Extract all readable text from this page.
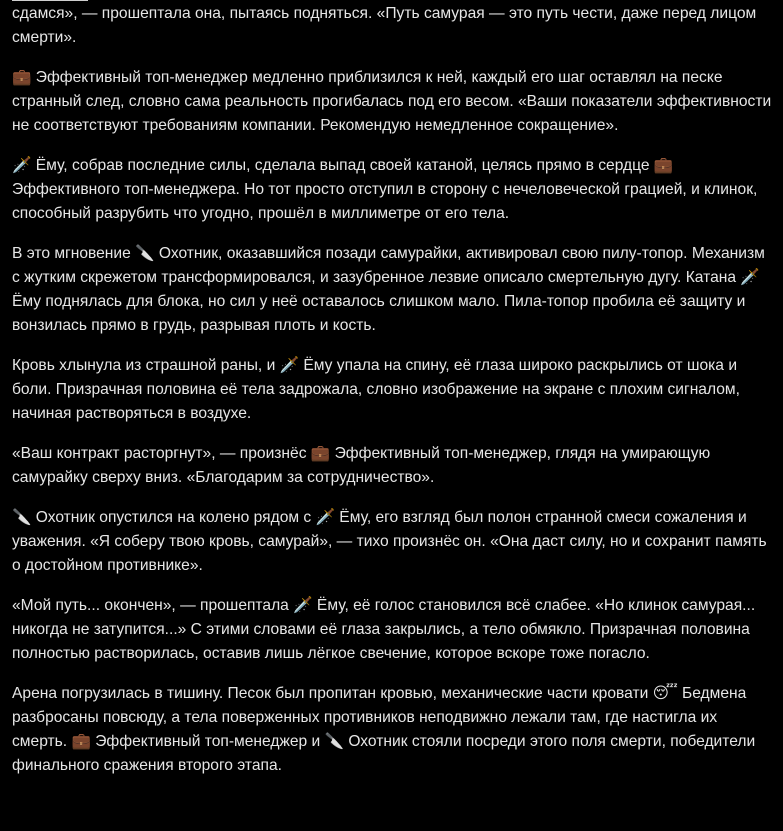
сдамся», — прошептала она, пытаясь подняться. «Путь самурая — это путь чести, даже перед лицом смерти».

💼 Эффективный топ-менеджер медленно приблизился к ней, каждый его шаг оставлял на песке странный след, словно сама реальность прогибалась под его весом. «Ваши показатели эффективности не соответствуют требованиям компании. Рекомендую немедленное сокращение».

🗡️ Ёму, собрав последние силы, сделала выпад своей катаной, целясь прямо в сердце 💼 Эффективного топ-менеджера. Но тот просто отступил в сторону с нечеловеческой грацией, и клинок, способный разрубить что угодно, прошёл в миллиметре от его тела.

В это мгновение 🔪 Охотник, оказавшийся позади самурайки, активировал свою пилу-топор. Механизм с жутким скрежетом трансформировался, и зазубренное лезвие описало смертельную дугу. Катана 🗡️ Ёму поднялась для блока, но сил у неё оставалось слишком мало. Пила-топор пробила её защиту и вонзилась прямо в грудь, разрывая плоть и кость.

Кровь хлынула из страшной раны, и 🗡️ Ёму упала на спину, её глаза широко раскрылись от шока и боли. Призрачная половина её тела задрожала, словно изображение на экране с плохим сигналом, начиная растворяться в воздухе.

«Ваш контракт расторгнут», — произнёс 💼 Эффективный топ-менеджер, глядя на умирающую самурайку сверху вниз. «Благодарим за сотрудничество».

🔪 Охотник опустился на колено рядом с 🗡️ Ёму, его взгляд был полон странной смеси сожаления и уважения. «Я соберу твою кровь, самурай», — тихо произнёс он. «Она даст силу, но и сохранит память о достойном противнике».

«Мой путь... окончен», — прошептала 🗡️ Ёму, её голос становился всё слабее. «Но клинок самурая... никогда не затупится...» С этими словами её глаза закрылись, а тело обмякло. Призрачная половина полностью растворилась, оставив лишь лёгкое свечение, которое вскоре тоже погасло.

Арена погрузилась в тишину. Песок был пропитан кровью, механические части кровати 😴 Бедмена разбросаны повсюду, а тела поверженных противников неподвижно лежали там, где настигла их смерть. 💼 Эффективный топ-менеджер и 🔪 Охотник стояли посреди этого поля смерти, победители финального сражения второго этапа.
